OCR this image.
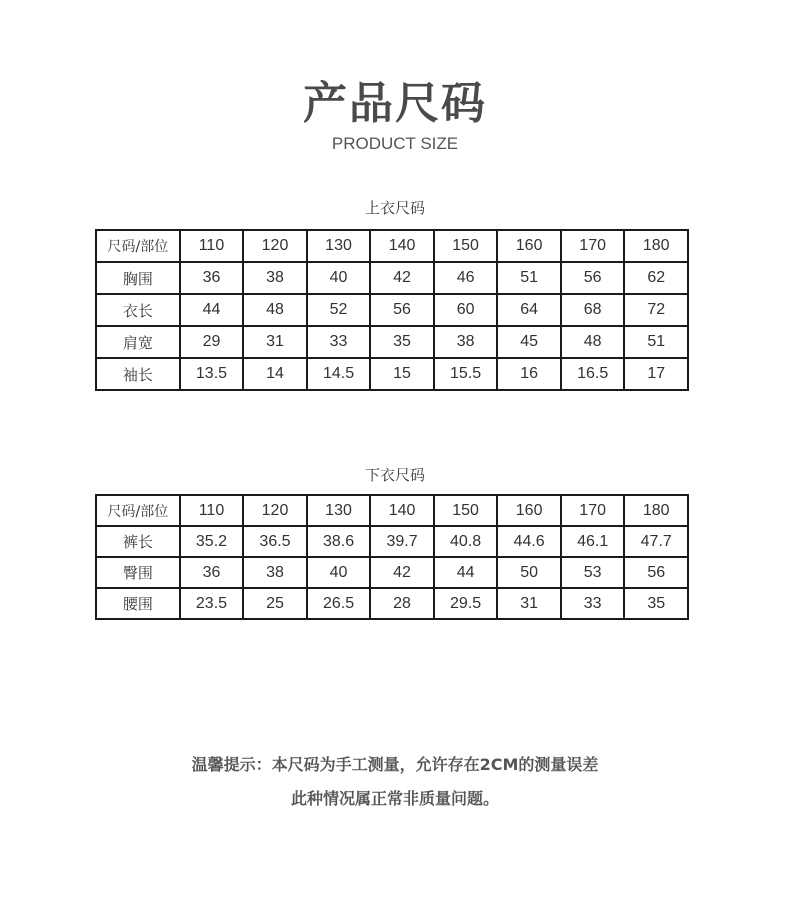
产品尺码
PRODUCT SIZE
上衣尺码
尺码/部位	110	120	130	140	150	160	170	180
胸围	36	38	40	42	46	51	56	62
衣长	44	48	52	56	60	64	68	72
肩宽	29	31	33	35	38	45	48	51
袖长	13.5	14	14.5	15	15.5	16	16.5	17
下衣尺码
尺码/部位	110	120	130	140	150	160	170	180
裤长	35.2	36.5	38.6	39.7	40.8	44.6	46.1	47.7
臀围	36	38	40	42	44	50	53	56
腰围	23.5	25	26.5	28	29.5	31	33	35
温馨提示：本尺码为手工测量，允许存在2CM的测量误差
此种情况属正常非质量问题。
